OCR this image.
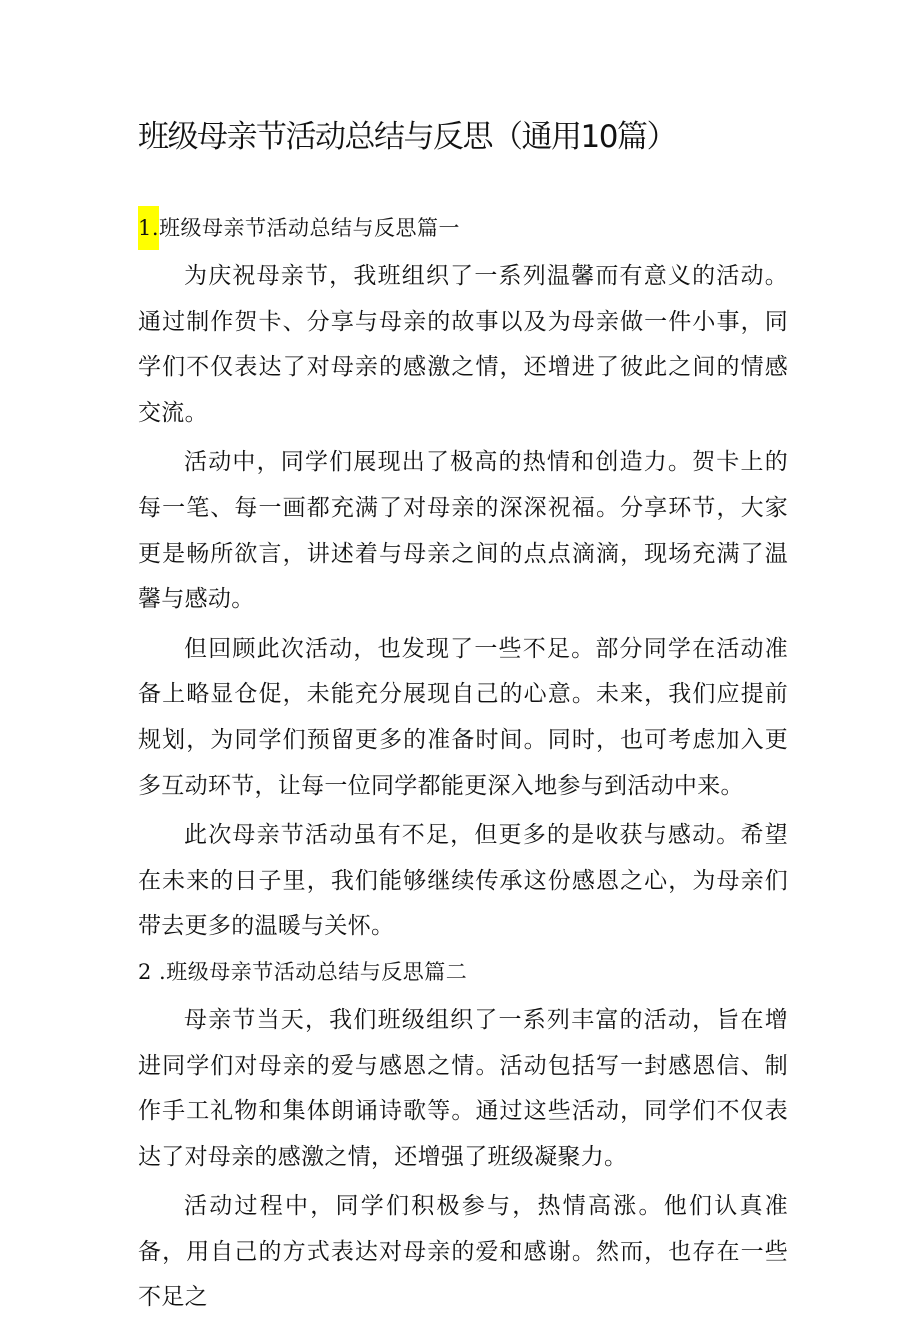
班级母亲节活动总结与反思（通用10篇）
1.班级母亲节活动总结与反思篇一

为庆祝母亲节，我班组织了一系列温馨而有意义的活动。通过制作贺卡、分享与母亲的故事以及为母亲做一件小事，同学们不仅表达了对母亲的感激之情，还增进了彼此之间的情感交流。

活动中，同学们展现出了极高的热情和创造力。贺卡上的每一笔、每一画都充满了对母亲的深深祝福。分享环节，大家更是畅所欲言，讲述着与母亲之间的点点滴滴，现场充满了温馨与感动。

但回顾此次活动，也发现了一些不足。部分同学在活动准备上略显仓促，未能充分展现自己的心意。未来，我们应提前规划，为同学们预留更多的准备时间。同时，也可考虑加入更多互动环节，让每一位同学都能更深入地参与到活动中来。

此次母亲节活动虽有不足，但更多的是收获与感动。希望在未来的日子里，我们能够继续传承这份感恩之心，为母亲们带去更多的温暖与关怀。

2 .班级母亲节活动总结与反思篇二

母亲节当天，我们班级组织了一系列丰富的活动，旨在增进同学们对母亲的爱与感恩之情。活动包括写一封感恩信、制作手工礼物和集体朗诵诗歌等。通过这些活动，同学们不仅表达了对母亲的感激之情，还增强了班级凝聚力。

活动过程中，同学们积极参与，热情高涨。他们认真准备，用自己的方式表达对母亲的爱和感谢。然而，也存在一些不足之
